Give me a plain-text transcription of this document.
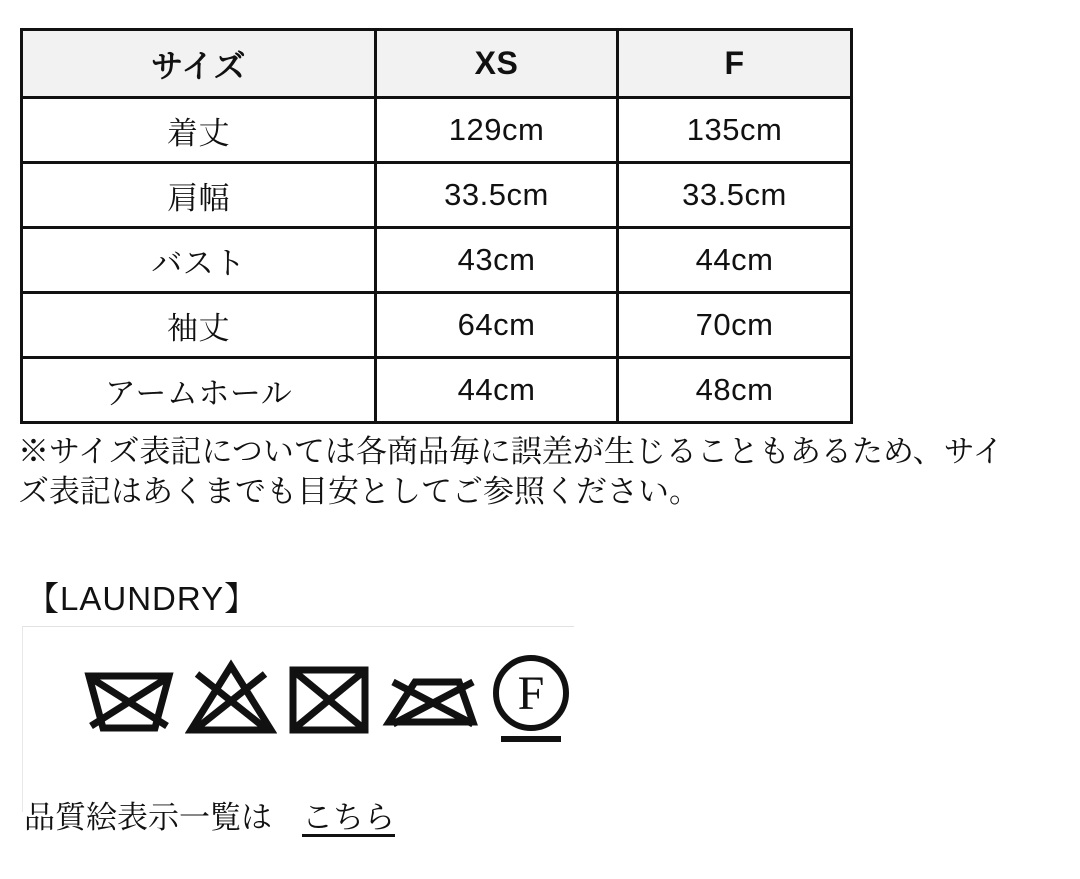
サイズ	XS	F
着丈	129cm	135cm
肩幅	33.5cm	33.5cm
バスト	43cm	44cm
袖丈	64cm	70cm
アームホール	44cm	48cm
※サイズ表記については各商品毎に誤差が生じることもあるため、サイズ表記はあくまでも目安としてご参照ください。
【LAUNDRY】
F
品質絵表示一覧は こちら
